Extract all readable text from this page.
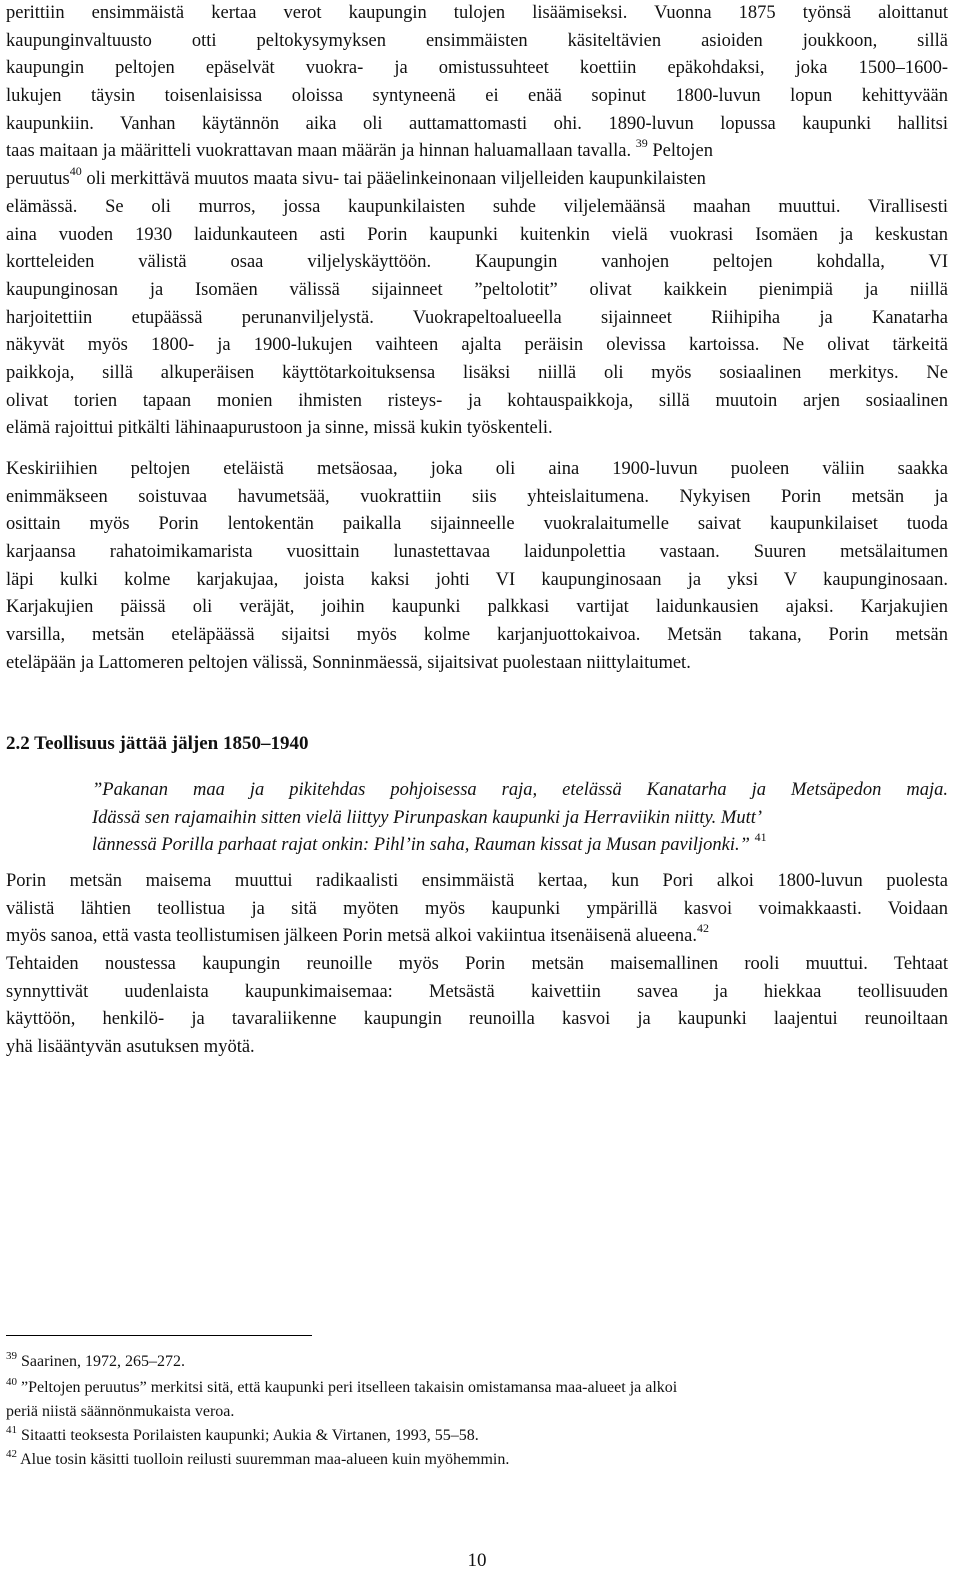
perittiin ensimmäistä kertaa verot kaupungin tulojen lisäämiseksi. Vuonna 1875 työnsä aloittanut
kaupunginvaltuusto otti peltokysymyksen ensimmäisten käsiteltävien asioiden joukkoon, sillä
kaupungin peltojen epäselvät vuokra- ja omistussuhteet koettiin epäkohdaksi, joka 1500–1600-
lukujen täysin toisenlaisissa oloissa syntyneenä ei enää sopinut 1800-luvun lopun kehittyvään
kaupunkiin. Vanhan käytännön aika oli auttamattomasti ohi. 1890-luvun lopussa kaupunki hallitsi
taas maitaan ja määritteli vuokrattavan maan määrän ja hinnan haluamallaan tavalla. $^{39}$ Peltojen
peruutus$^{40}$ oli merkittävä muutos maata sivu- tai pääelinkeinonaan viljelleiden kaupunkilaisten
elämässä. Se oli murros, jossa kaupunkilaisten suhde viljelemäänsä maahan muuttui. Virallisesti
aina vuoden 1930 laidunkauteen asti Porin kaupunki kuitenkin vielä vuokrasi Isomäen ja keskustan
kortteleiden välistä osaa viljelyskäyttöön. Kaupungin vanhojen peltojen kohdalla, VI
kaupunginosan ja Isomäen välissä sijainneet ”peltolotit” olivat kaikkein pienimpiä ja niillä
harjoitettiin etupäässä perunanviljelystä. Vuokrapeltoalueella sijainneet Riihipiha ja Kanatarha
näkyvät myös 1800- ja 1900-lukujen vaihteen ajalta peräisin olevissa kartoissa. Ne olivat tärkeitä
paikkoja, sillä alkuperäisen käyttötarkoituksensa lisäksi niillä oli myös sosiaalinen merkitys. Ne
olivat torien tapaan monien ihmisten risteys- ja kohtauspaikkoja, sillä muutoin arjen sosiaalinen
elämä rajoittui pitkälti lähinaapurustoon ja sinne, missä kukin työskenteli.
Keskiriihien peltojen eteläistä metsäosaa, joka oli aina 1900-luvun puoleen väliin saakka
enimmäkseen soistuvaa havumetsää, vuokrattiin siis yhteislaitumena. Nykyisen Porin metsän ja
osittain myös Porin lentokentän paikalla sijainneelle vuokralaitumelle saivat kaupunkilaiset tuoda
karjaansa rahatoimikamarista vuosittain lunastettavaa laidunpolettia vastaan. Suuren metsälaitumen
läpi kulki kolme karjakujaa, joista kaksi johti VI kaupunginosaan ja yksi V kaupunginosaan.
Karjakujien päissä oli veräjät, joihin kaupunki palkkasi vartijat laidunkausien ajaksi. Karjakujien
varsilla, metsän eteläpäässä sijaitsi myös kolme karjanjuottokaivoa. Metsän takana, Porin metsän
eteläpään ja Lattomeren peltojen välissä, Sonninmäessä, sijaitsivat puolestaan niittylaitumet.
2.2 Teollisuus jättää jäljen 1850–1940
”Pakanan maa ja pikitehdas pohjoisessa raja, etelässä Kanatarha ja Metsäpedon maja.
Idässä sen rajamaihin sitten vielä liittyy Pirunpaskan kaupunki ja Herraviikin niitty. Mutt’
lännessä Porilla parhaat rajat onkin: Pihl’in saha, Rauman kissat ja Musan paviljonki.” $^{41}$
Porin metsän maisema muuttui radikaalisti ensimmäistä kertaa, kun Pori alkoi 1800-luvun puolesta
välistä lähtien teollistua ja sitä myöten myös kaupunki ympärillä kasvoi voimakkaasti. Voidaan
myös sanoa, että vasta teollistumisen jälkeen Porin metsä alkoi vakiintua itsenäisenä alueena.$^{42}$
Tehtaiden noustessa kaupungin reunoille myös Porin metsän maisemallinen rooli muuttui. Tehtaat
synnyttivät uudenlaista kaupunkimaisemaa: Metsästä kaivettiin savea ja hiekkaa teollisuuden
käyttöön, henkilö- ja tavaraliikenne kaupungin reunoilla kasvoi ja kaupunki laajentui reunoiltaan
yhä lisääntyvän asutuksen myötä.
$^{39}$ Saarinen, 1972, 265–272.
$^{40}$ ”Peltojen peruutus” merkitsi sitä, että kaupunki peri itselleen takaisin omistamansa maa-alueet ja alkoi
periä niistä säännönmukaista veroa.
$^{41}$ Sitaatti teoksesta Porilaisten kaupunki; Aukia & Virtanen, 1993, 55–58.
$^{42}$ Alue tosin käsitti tuolloin reilusti suuremman maa-alueen kuin myöhemmin.
10
